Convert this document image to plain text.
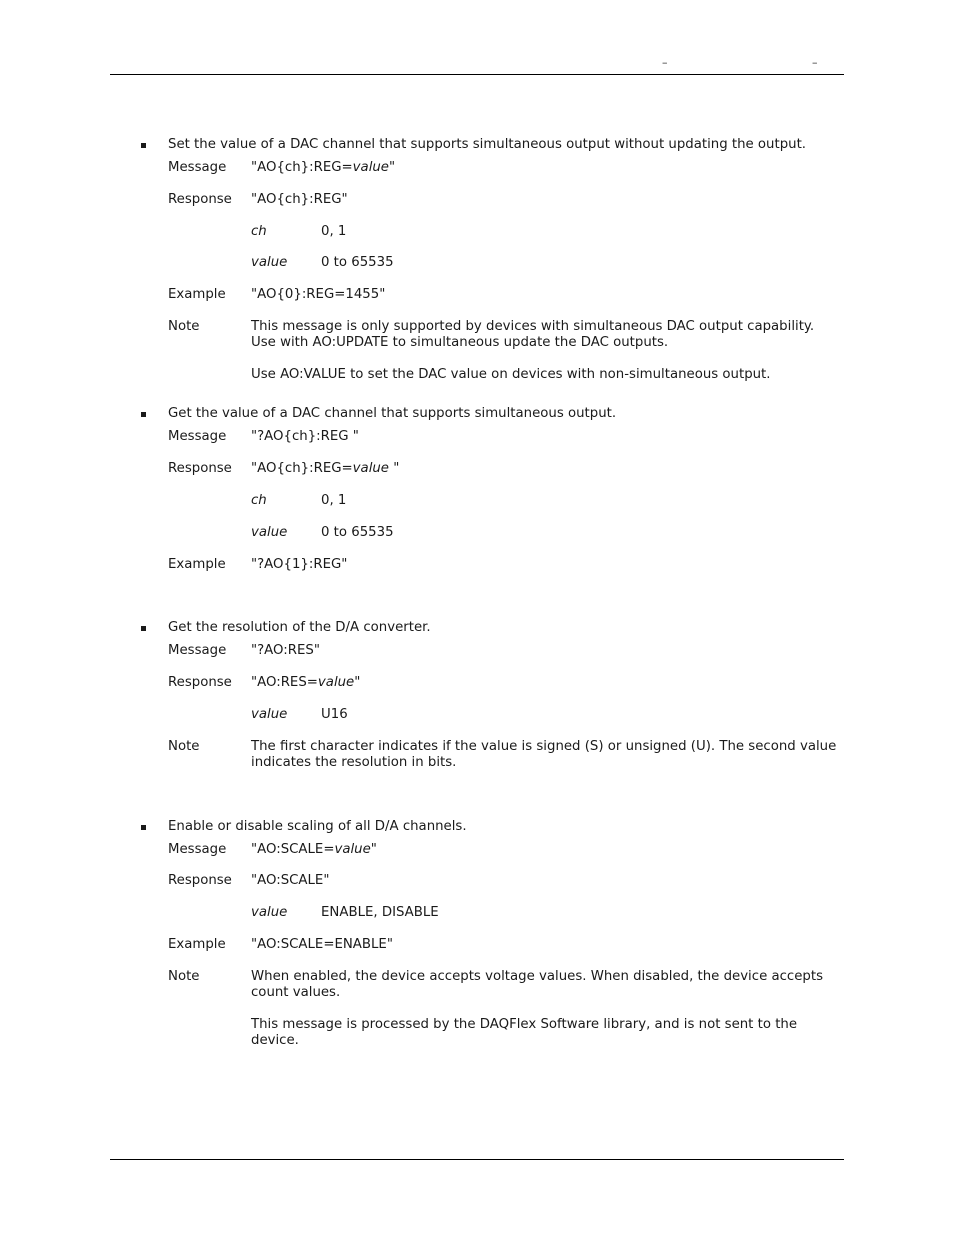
–	–
Set the value of a DAC channel that supports simultaneous output without updating the output.
Message "AO{ch}:REG=value"
Response "AO{ch}:REG"
ch	0, 1
value	0 to 65535
Example "AO{0}:REG=1455"
Note	This message is only supported by devices with simultaneous DAC output capability.
Use with AO:UPDATE to simultaneous update the DAC outputs.
Use AO:VALUE to set the DAC value on devices with non-simultaneous output.
Get the value of a DAC channel that supports simultaneous output.
Message "?AO{ch}:REG "
Response "AO{ch}:REG=value "
ch	0, 1
value	0 to 65535
Example "?AO{1}:REG"
Get the resolution of the D/A converter.
Message "?AO:RES"
Response "AO:RES=value"
value	U16
Note	The first character indicates if the value is signed (S) or unsigned (U). The second value
indicates the resolution in bits.
Enable or disable scaling of all D/A channels.
Message "AO:SCALE=value"
Response "AO:SCALE"
value	ENABLE, DISABLE
Example "AO:SCALE=ENABLE"
Note	When enabled, the device accepts voltage values. When disabled, the device accepts
count values.
This message is processed by the DAQFlex Software library, and is not sent to the
device.
